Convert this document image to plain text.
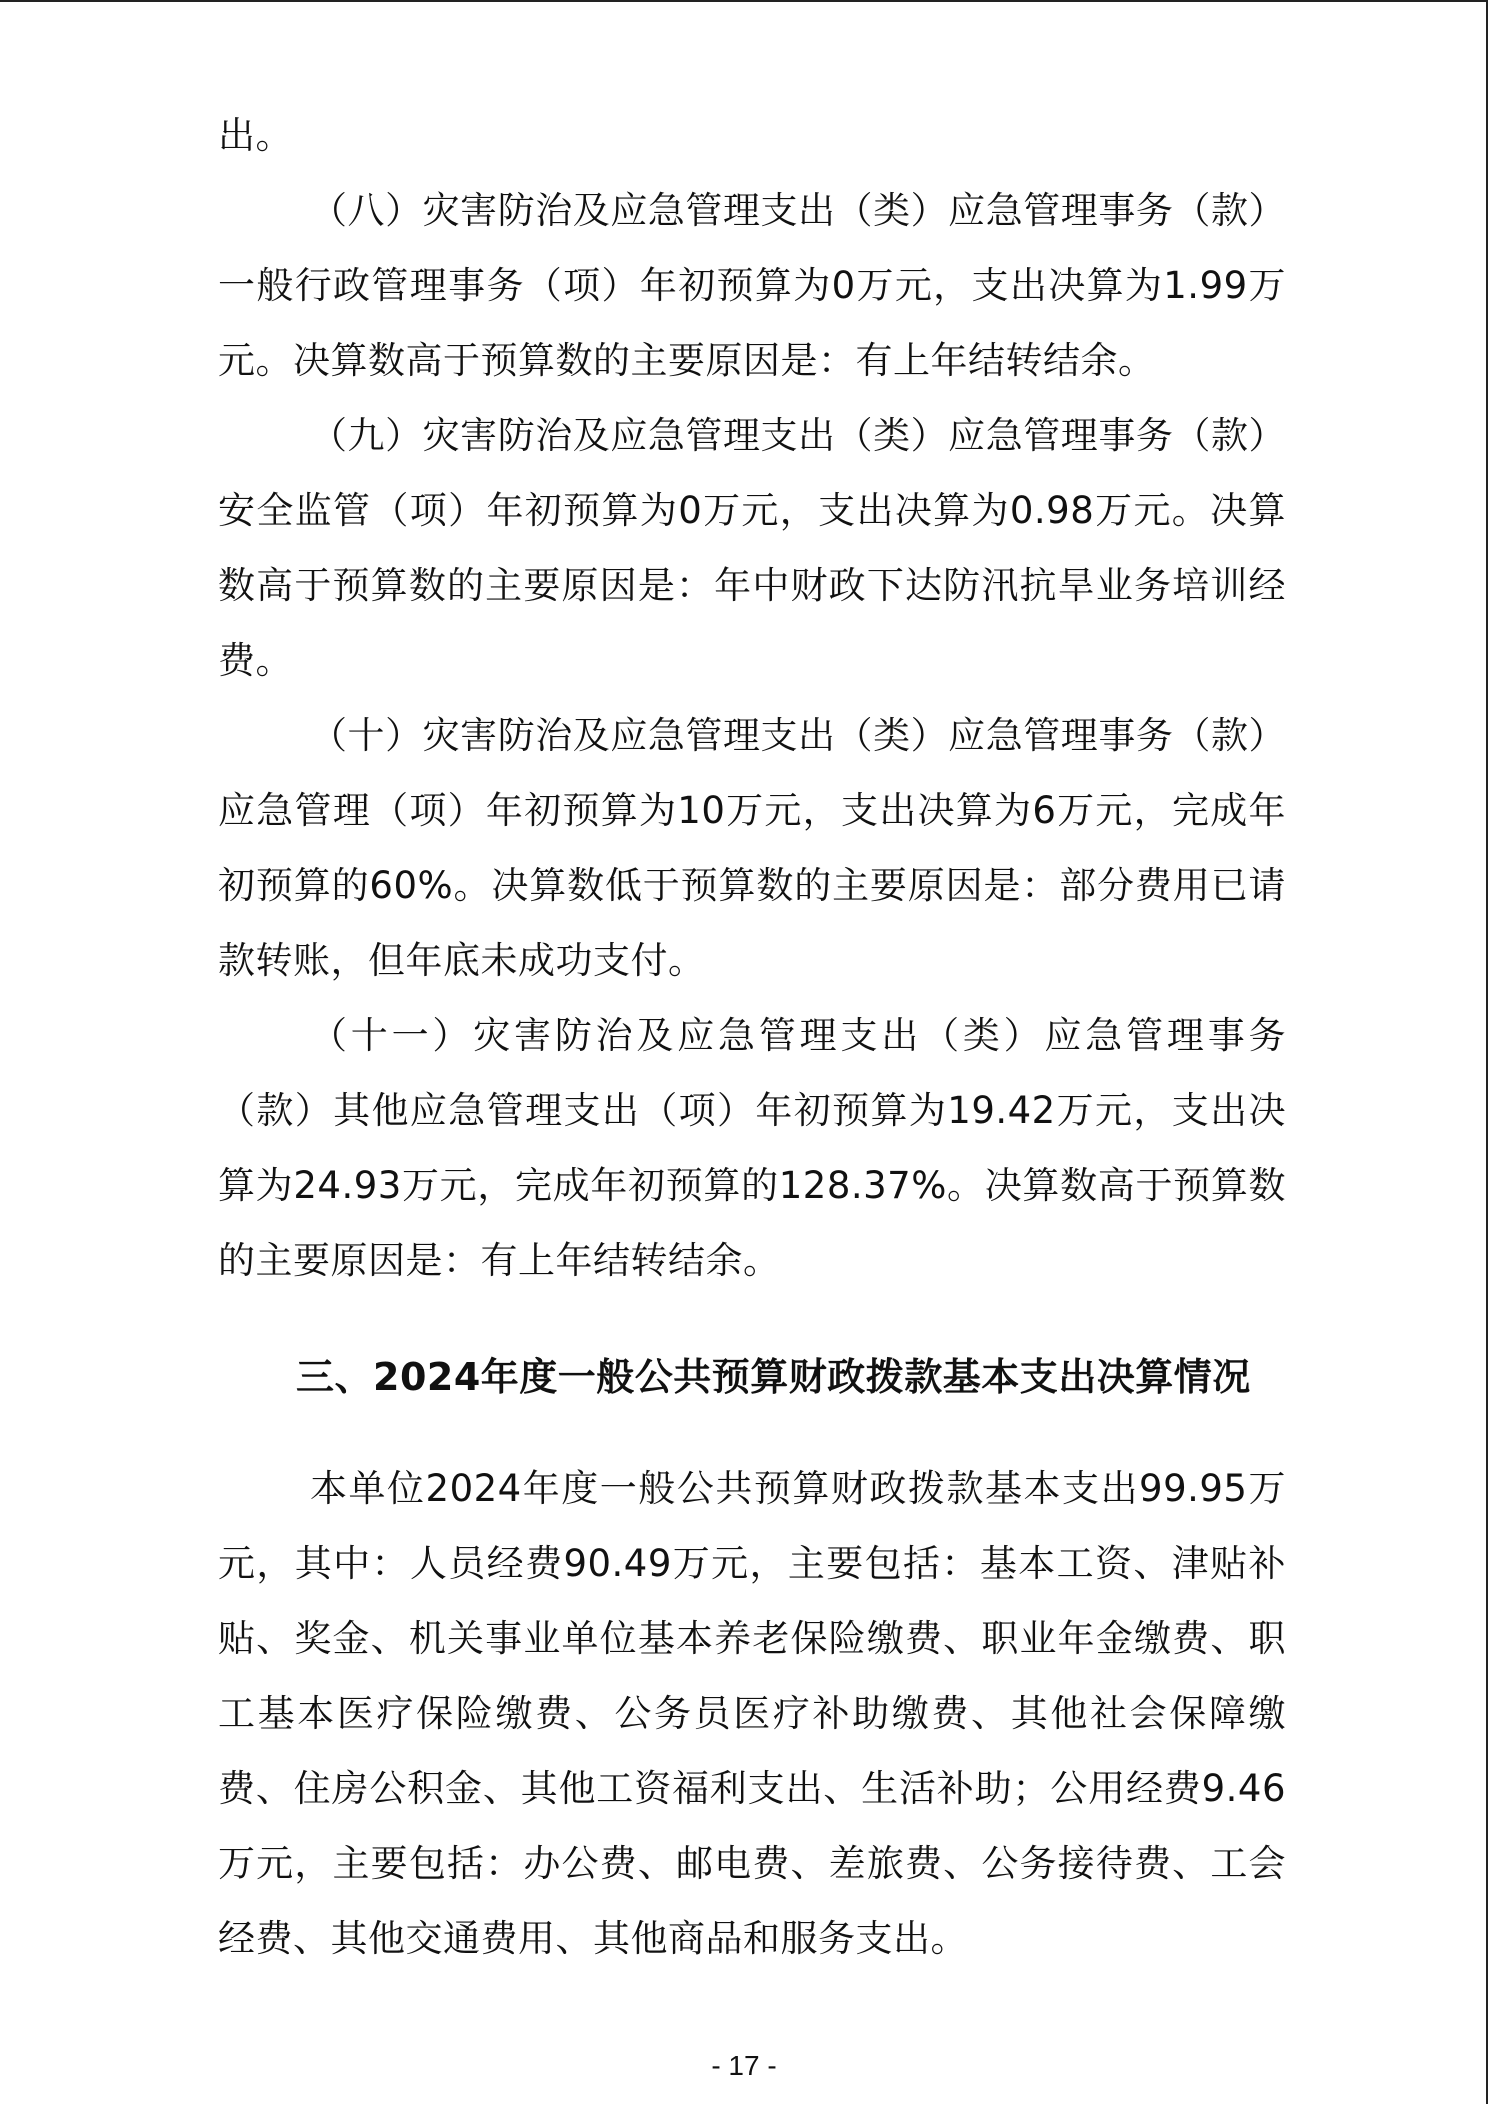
出。

（八）灾害防治及应急管理支出（类）应急管理事务（款）一般行政管理事务（项）年初预算为0万元，支出决算为1.99万元。决算数高于预算数的主要原因是：有上年结转结余。

（九）灾害防治及应急管理支出（类）应急管理事务（款）安全监管（项）年初预算为0万元，支出决算为0.98万元。决算数高于预算数的主要原因是：年中财政下达防汛抗旱业务培训经费。

（十）灾害防治及应急管理支出（类）应急管理事务（款）应急管理（项）年初预算为10万元，支出决算为6万元，完成年初预算的60%。决算数低于预算数的主要原因是：部分费用已请款转账，但年底未成功支付。

（十一）灾害防治及应急管理支出（类）应急管理事务（款）其他应急管理支出（项）年初预算为19.42万元，支出决算为24.93万元，完成年初预算的128.37%。决算数高于预算数的主要原因是：有上年结转结余。

三、2024年度一般公共预算财政拨款基本支出决算情况

本单位2024年度一般公共预算财政拨款基本支出99.95万元，其中：人员经费90.49万元，主要包括：基本工资、津贴补贴、奖金、机关事业单位基本养老保险缴费、职业年金缴费、职工基本医疗保险缴费、公务员医疗补助缴费、其他社会保障缴费、住房公积金、其他工资福利支出、生活补助；公用经费9.46万元，主要包括：办公费、邮电费、差旅费、公务接待费、工会经费、其他交通费用、其他商品和服务支出。

- 17 -
